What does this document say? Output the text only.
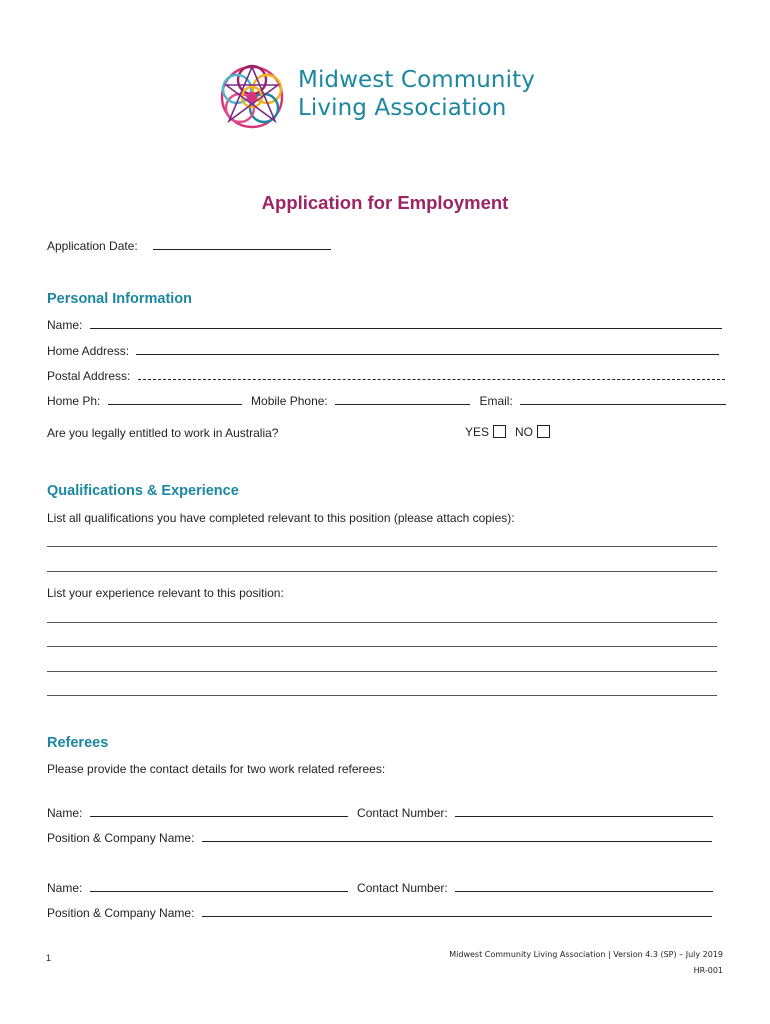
Midwest Community
Living Association
Application for Employment
Application Date:
Personal Information
Name:
Home Address:
Postal Address:
Home Ph:	Mobile Phone:	Email:
Are you legally entitled to work in Australia?	YES NO
Qualifications & Experience
List all qualifications you have completed relevant to this position (please attach copies):
List your experience relevant to this position:
Referees
Please provide the contact details for two work related referees:
Name:	Contact Number:
Position & Company Name:
Name:	Contact Number:
Position & Company Name:
1	Midwest Community Living Association | Version 4.3 (SP) – July 2019
HR-001
